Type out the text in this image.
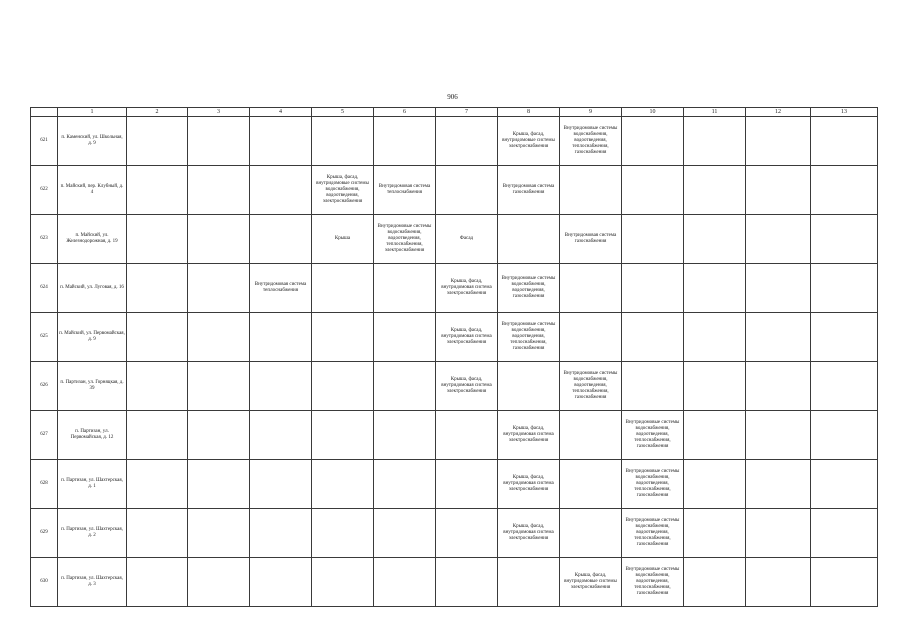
906
	1	2	3	4	5	6	7	8	9	10	11	12	13
621	п. Каменский, ул. Школьная, д. 9							Крыша, фасад, внутридомовые системы электроснабжения	Внутридомовые системы водоснабжения, водоотведения, теплоснабжения, газоснабжения				
622	п. Майский, пер. Клубный, д. 4				Крыша, фасад, внутридомовые системы водоснабжения, водоотведения, электроснабжения	Внутридомовая система теплоснабжения		Внутридомовая система газоснабжения					
623	п. Майский, ул. Железнодорожная, д. 19				Крыша	Внутридомовые системы водоснабжения, водоотведения, теплоснабжения, электроснабжения	Фасад		Внутридомовая система газоснабжения				
624	п. Майский, ул. Луговая, д. 16			Внутридомовая система теплоснабжения			Крыша, фасад, внутридомовая система электроснабжения	Внутридомовые системы водоснабжения, водоотведения, газоснабжения					
625	п. Майский, ул. Первомайская, д. 9						Крыша, фасад, внутридомовая система электроснабжения	Внутридомовые системы водоснабжения, водоотведения, теплоснабжения, газоснабжения					
626	п. Партизан, ул. Горняцкая, д. 39						Крыша, фасад, внутридомовая система электроснабжения		Внутридомовые системы водоснабжения, водоотведения, теплоснабжения, газоснабжения				
627	п. Партизан, ул. Первомайская, д. 12							Крыша, фасад, внутридомовая система электроснабжения		Внутридомовые системы водоснабжения, водоотведения, теплоснабжения, газоснабжения			
628	п. Партизан, ул. Шахтерская, д. 1							Крыша, фасад, внутридомовая система электроснабжения		Внутридомовые системы водоснабжения, водоотведения, теплоснабжения, газоснабжения			
629	п. Партизан, ул. Шахтерская, д. 2							Крыша, фасад, внутридомовая система электроснабжения		Внутридомовые системы водоснабжения, водоотведения, теплоснабжения, газоснабжения			
630	п. Партизан, ул. Шахтерская, д. 3								Крыша, фасад, внутридомовые системы электроснабжения	Внутридомовые системы водоснабжения, водоотведения, теплоснабжения, газоснабжения			
